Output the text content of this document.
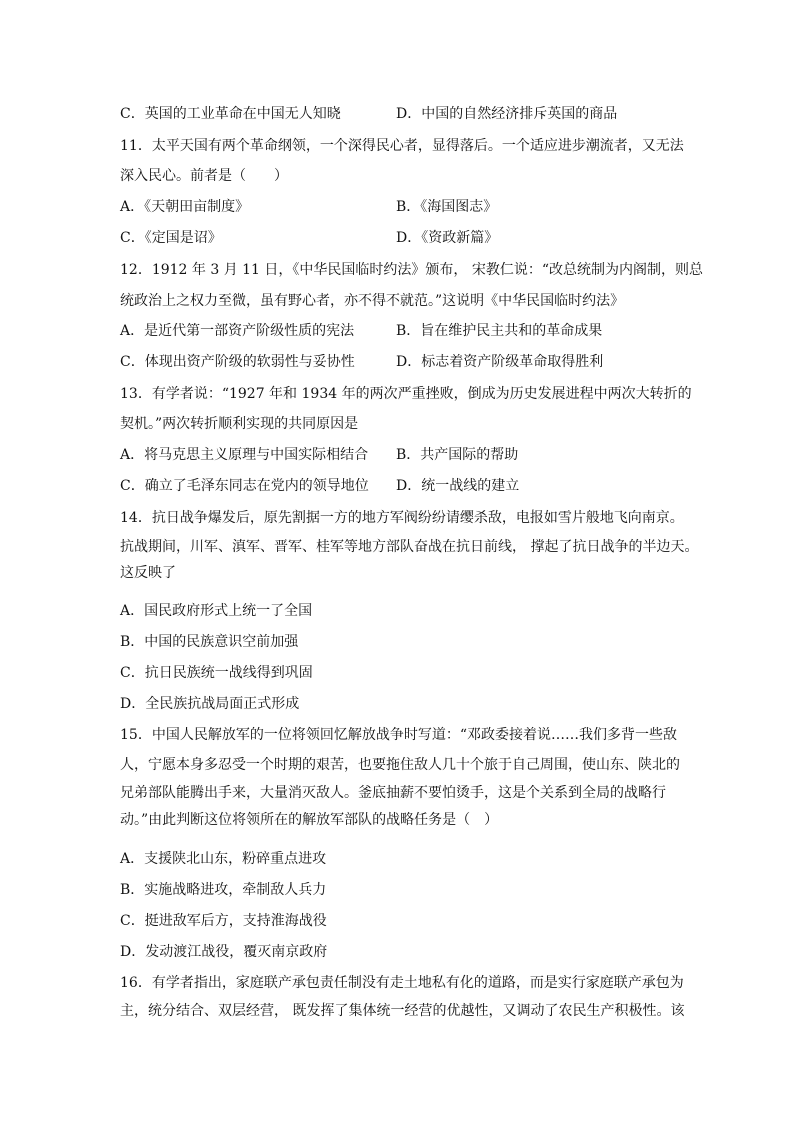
C．英国的工业革命在中国无人知晓	D．中国的自然经济排斥英国的商品
11．太平天国有两个革命纲领，一个深得民心者，显得落后。一个适应进步潮流者，又无法
深入民心。前者是（　　）
A．《天朝田亩制度》	B．《海国图志》
C．《定国是诏》	D．《资政新篇》
12．1912 年 3 月 11 日，《中华民国临时约法》颁布， 宋教仁说：“改总统制为内阁制，则总
统政治上之权力至微，虽有野心者，亦不得不就范。”这说明《中华民国临时约法》
A．是近代第一部资产阶级性质的宪法	B．旨在维护民主共和的革命成果
C．体现出资产阶级的软弱性与妥协性	D．标志着资产阶级革命取得胜利
13．有学者说：“1927 年和 1934 年的两次严重挫败，倒成为历史发展进程中两次大转折的
契机。”两次转折顺利实现的共同原因是
A．将马克思主义原理与中国实际相结合 B．共产国际的帮助
C．确立了毛泽东同志在党内的领导地位 D．统一战线的建立
14．抗日战争爆发后，原先割据一方的地方军阀纷纷请缨杀敌，电报如雪片般地飞向南京。
抗战期间，川军、滇军、晋军、桂军等地方部队奋战在抗日前线， 撑起了抗日战争的半边天。
这反映了
A．国民政府形式上统一了全国
B．中国的民族意识空前加强
C．抗日民族统一战线得到巩固
D．全民族抗战局面正式形成
15．中国人民解放军的一位将领回忆解放战争时写道：“邓政委接着说……我们多背一些敌
人，宁愿本身多忍受一个时期的艰苦，也要拖住敌人几十个旅于自己周围，使山东、陕北的
兄弟部队能腾出手来，大量消灭敌人。釜底抽薪不要怕烫手，这是个关系到全局的战略行
动。”由此判断这位将领所在的解放军部队的战略任务是（　）
A．支援陕北山东，粉碎重点进攻
B．实施战略进攻，牵制敌人兵力
C．挺进敌军后方，支持淮海战役
D．发动渡江战役，覆灭南京政府
16．有学者指出，家庭联产承包责任制没有走土地私有化的道路，而是实行家庭联产承包为
主，统分结合、双层经营， 既发挥了集体统一经营的优越性，又调动了农民生产积极性。该
